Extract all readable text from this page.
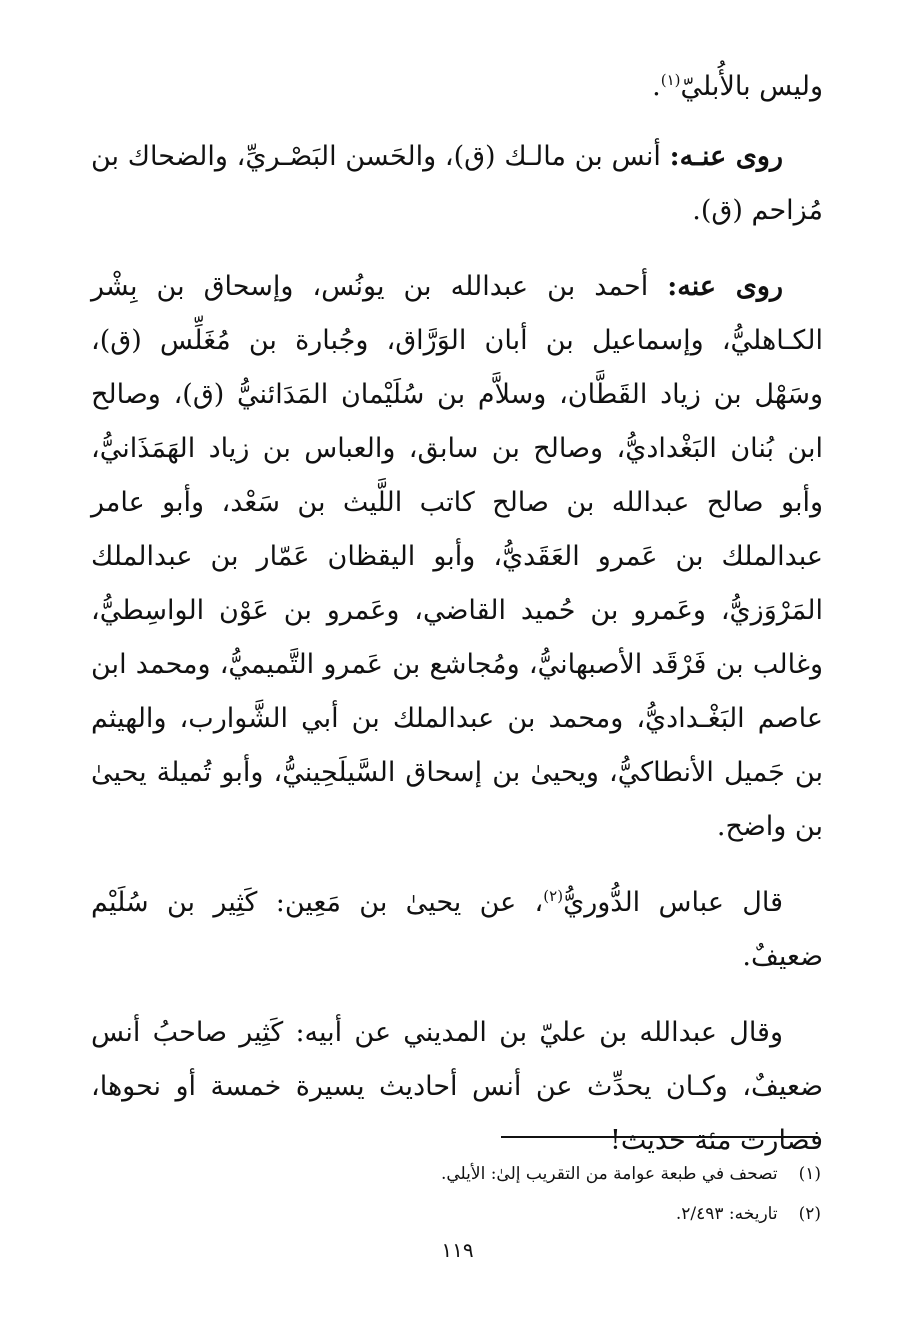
وليس بالأُبليّ$^{(١)}$.

روى عنـه: أنس بن مالـك (ق)، والحَسن البَصْـريِّ، والضحاك بن مُزاحم (ق).

روى عنه: أحمد بن عبدالله بن يونُس، وإسحاق بن بِشْر الكـاهليُّ، وإسماعيل بن أبان الوَرَّاق، وجُبارة بن مُغَلِّس (ق)، وسَهْل بن زياد القَطَّان، وسلاَّم بن سُلَيْمان المَدَائنيُّ (ق)، وصالح ابن بُنان البَغْداديُّ، وصالح بن سابق، والعباس بن زياد الهَمَذَانيُّ، وأبو صالح عبدالله بن صالح كاتب اللَّيث بن سَعْد، وأبو عامر عبدالملك بن عَمرو العَقَديُّ، وأبو اليقظان عَمّار بن عبدالملك المَرْوَزيُّ، وعَمرو بن حُميد القاضي، وعَمرو بن عَوْن الواسِطيُّ، وغالب بن فَرْقَد الأصبهانيُّ، ومُجاشع بن عَمرو التَّميميُّ، ومحمد ابن عاصم البَغْـداديُّ، ومحمد بن عبدالملك بن أبي الشَّوارب، والهيثم بن جَميل الأنطاكيُّ، ويحيىٰ بن إسحاق السَّيلَحِينيُّ، وأبو تُميلة يحيىٰ بن واضح.

قال عباس الدُّوريُّ$^{(٢)}$، عن يحيىٰ بن مَعِين: كَثِير بن سُلَيْم ضعيفٌ.

وقال عبدالله بن عليّ بن المديني عن أبيه: كَثِير صاحبُ أنس ضعيفٌ، وكـان يحدِّث عن أنس أحاديث يسيرة خمسة أو نحوها، فصارت مئة حديث!

(١) تصحف في طبعة عوامة من التقريب إلىٰ: الأيلي.
(٢) تاريخه: ٢/٤٩٣.
١١٩
